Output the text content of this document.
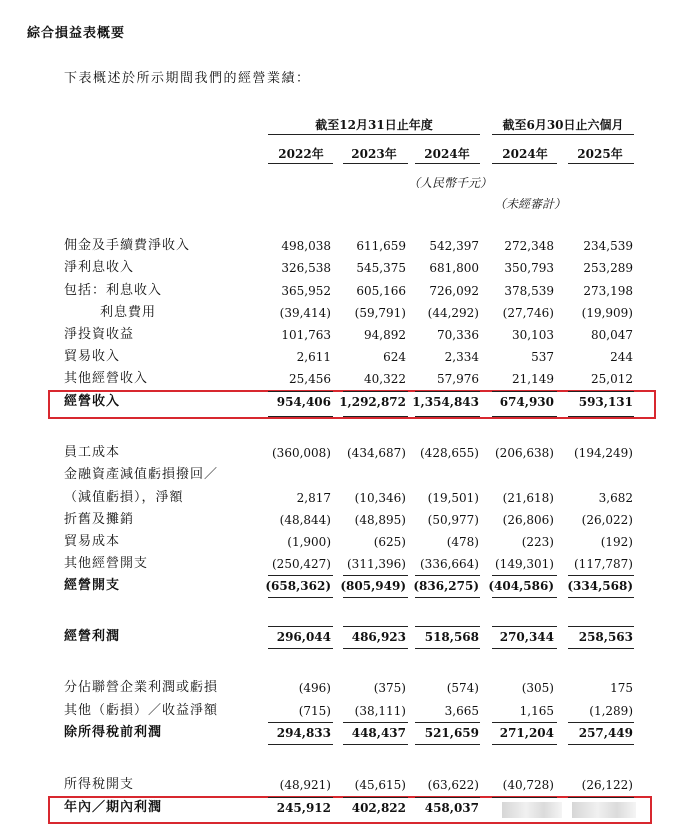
綜合損益表概要
下表概述於所示期間我們的經營業績：
截至12月31日止年度	截至6月30日止六個月
2022年	2023年	2024年	2024年	2025年
（人民幣千元）
（未經審計）
佣金及手續費淨收入	498,038	611,659	542,397	272,348	234,539
淨利息收入	326,538	545,375	681,800	350,793	253,289
包括：利息收入	365,952	605,166	726,092	378,539	273,198
利息費用	(39,414)	(59,791)	(44,292)	(27,746)	(19,909)
淨投資收益	101,763	94,892	70,336	30,103	80,047
貿易收入	2,611	624	2,334	537	244
其他經營收入	25,456	40,322	57,976	21,149	25,012
經營收入	954,406 1,292,872 1,354,843	674,930	593,131
員工成本	(360,008)	(434,687)	(428,655)	(206,638)	(194,249)
金融資產減值虧損撥回／
（減值虧損），淨額	2,817	(10,346)	(19,501)	(21,618)	3,682
折舊及攤銷	(48,844)	(48,895)	(50,977)	(26,806)	(26,022)
貿易成本	(1,900)	(625)	(478)	(223)	(192)
其他經營開支	(250,427)	(311,396)	(336,664)	(149,301)	(117,787)
經營開支	(658,362) (805,949) (836,275) (404,586)	(334,568)
經營利潤	296,044	486,923	518,568	270,344	258,563
分佔聯營企業利潤或虧損	(496)	(375)	(574)	(305)	175
其他（虧損）／收益淨額	(715)	(38,111)	3,665	1,165	(1,289)
除所得稅前利潤	294,833	448,437	521,659	271,204	257,449
所得稅開支	(48,921)	(45,615)	(63,622)	(40,728)	(26,122)
年內／期內利潤	245,912	402,822	458,037
